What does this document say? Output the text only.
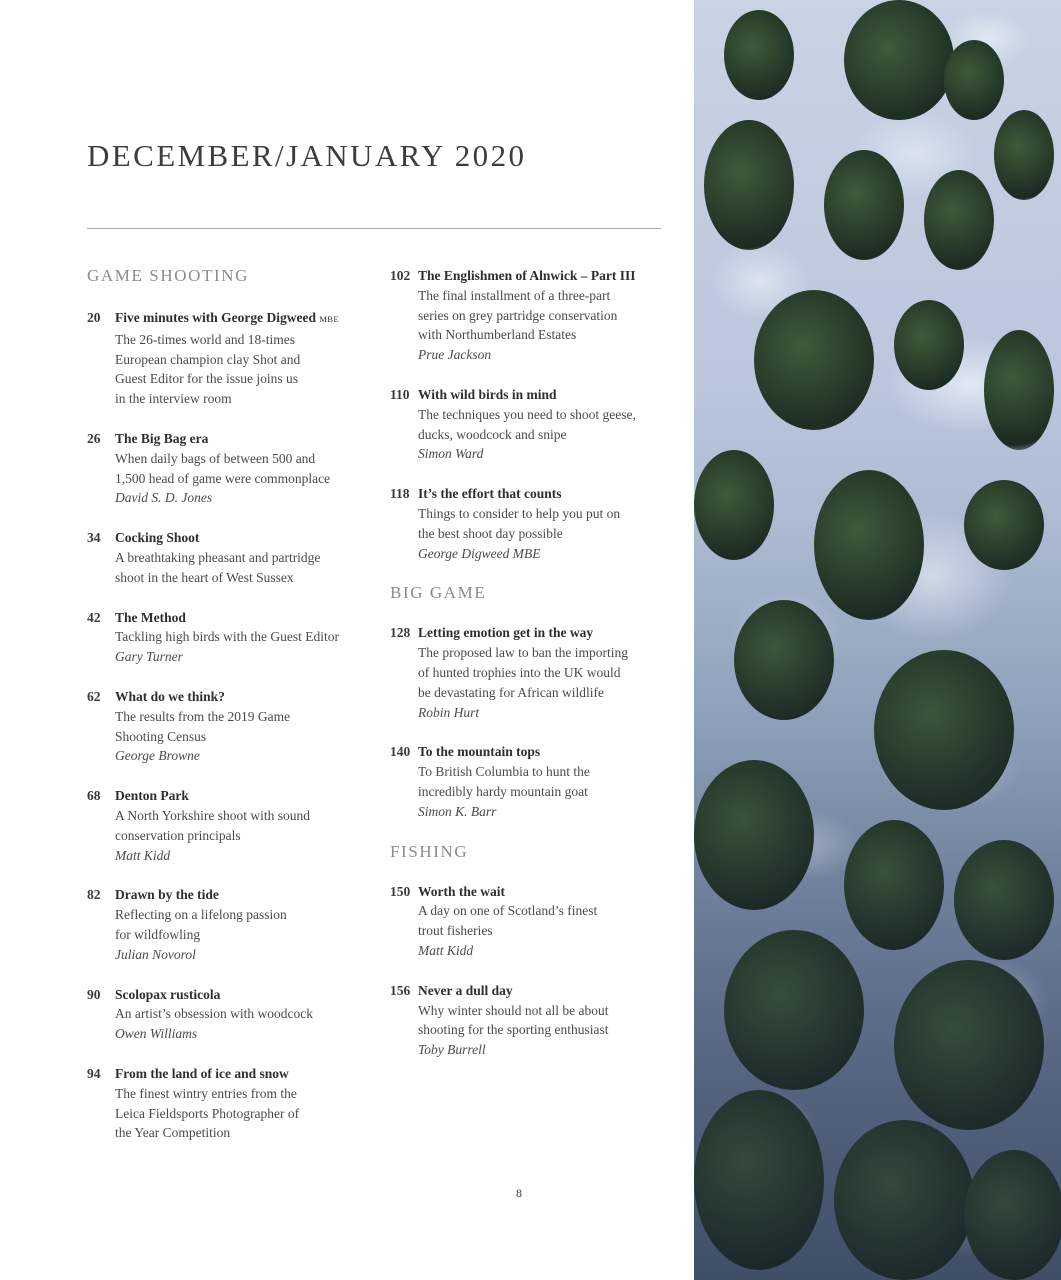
DECEMBER/JANUARY 2020
GAME SHOOTING
20 Five minutes with George Digweed MBE
The 26-times world and 18-times
European champion clay Shot and
Guest Editor for the issue joins us
in the interview room
26 The Big Bag era
When daily bags of between 500 and
1,500 head of game were commonplace
David S. D. Jones
34 Cocking Shoot
A breathtaking pheasant and partridge
shoot in the heart of West Sussex
42 The Method
Tackling high birds with the Guest Editor
Gary Turner
62 What do we think?
The results from the 2019 Game
Shooting Census
George Browne
68 Denton Park
A North Yorkshire shoot with sound
conservation principals
Matt Kidd
82 Drawn by the tide
Reflecting on a lifelong passion
for wildfowling
Julian Novorol
90 Scolopax rusticola
An artist’s obsession with woodcock
Owen Williams
94 From the land of ice and snow
The finest wintry entries from the
Leica Fieldsports Photographer of
the Year Competition
102 The Englishmen of Alnwick – Part III
The final installment of a three-part
series on grey partridge conservation
with Northumberland Estates
Prue Jackson
110 With wild birds in mind
The techniques you need to shoot geese,
ducks, woodcock and snipe
Simon Ward
118 It’s the effort that counts
Things to consider to help you put on
the best shoot day possible
George Digweed MBE
BIG GAME
128 Letting emotion get in the way
The proposed law to ban the importing
of hunted trophies into the UK would
be devastating for African wildlife
Robin Hurt
140 To the mountain tops
To British Columbia to hunt the
incredibly hardy mountain goat
Simon K. Barr
FISHING
150 Worth the wait
A day on one of Scotland’s finest
trout fisheries
Matt Kidd
156 Never a dull day
Why winter should not all be about
shooting for the sporting enthusiast
Toby Burrell
8
